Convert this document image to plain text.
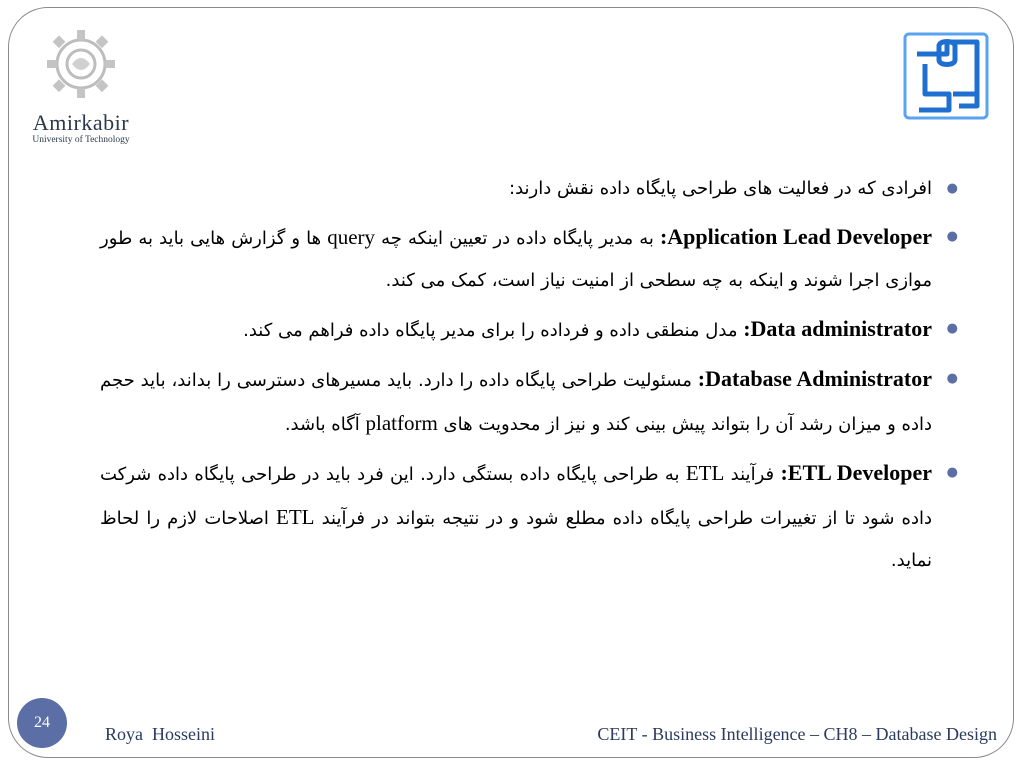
Amirkabir
University of Technology
●
افرادی که در فعالیت های طراحی پایگاه داده نقش دارند:
●
Application Lead Developer: به مدیر پایگاه داده در تعیین اینکه چه query ها و گزارش هایی باید به طور موازی اجرا شوند و اینکه به چه سطحی از امنیت نیاز است، کمک می کند.
●
Data administrator: مدل منطقی داده و فرداده را برای مدیر پایگاه داده فراهم می کند.
●
Database Administrator: مسئولیت طراحی پایگاه داده را دارد. باید مسیرهای دسترسی را بداند، باید حجم داده و میزان رشد آن را بتواند پیش بینی کند و نیز از محدویت های platform آگاه باشد.
●
ETL Developer: فرآیند ETL به طراحی پایگاه داده بستگی دارد. این فرد باید در طراحی پایگاه داده شرکت داده شود تا از تغییرات طراحی پایگاه داده مطلع شود و در نتیجه بتواند در فرآیند ETL اصلاحات لازم را لحاظ نماید.
24
Roya  Hosseini	CEIT - Business Intelligence – CH8 – Database Design
